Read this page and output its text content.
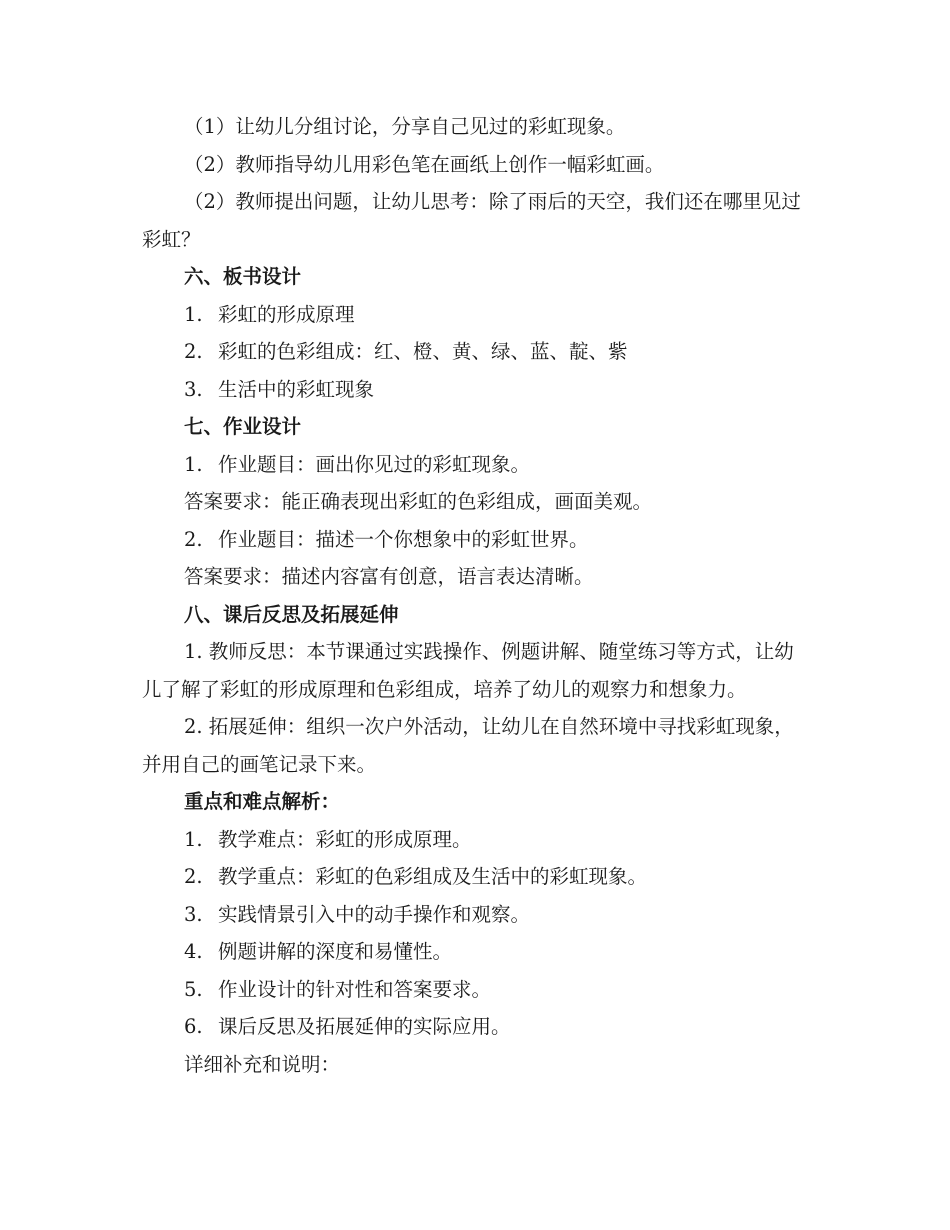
（1）让幼儿分组讨论，分享自己见过的彩虹现象。

（2）教师指导幼儿用彩色笔在画纸上创作一幅彩虹画。

（2）教师提出问题，让幼儿思考：除了雨后的天空，我们还在哪里见过彩虹？

六、板书设计

1. 彩虹的形成原理

2. 彩虹的色彩组成：红、橙、黄、绿、蓝、靛、紫

3. 生活中的彩虹现象

七、作业设计

1. 作业题目：画出你见过的彩虹现象。

答案要求：能正确表现出彩虹的色彩组成，画面美观。

2. 作业题目：描述一个你想象中的彩虹世界。

答案要求：描述内容富有创意，语言表达清晰。

八、课后反思及拓展延伸

1. 教师反思：本节课通过实践操作、例题讲解、随堂练习等方式，让幼儿了解了彩虹的形成原理和色彩组成，培养了幼儿的观察力和想象力。

2. 拓展延伸：组织一次户外活动，让幼儿在自然环境中寻找彩虹现象，并用自己的画笔记录下来。

重点和难点解析：

1. 教学难点：彩虹的形成原理。

2. 教学重点：彩虹的色彩组成及生活中的彩虹现象。

3. 实践情景引入中的动手操作和观察。

4. 例题讲解的深度和易懂性。

5. 作业设计的针对性和答案要求。

6. 课后反思及拓展延伸的实际应用。

详细补充和说明：
